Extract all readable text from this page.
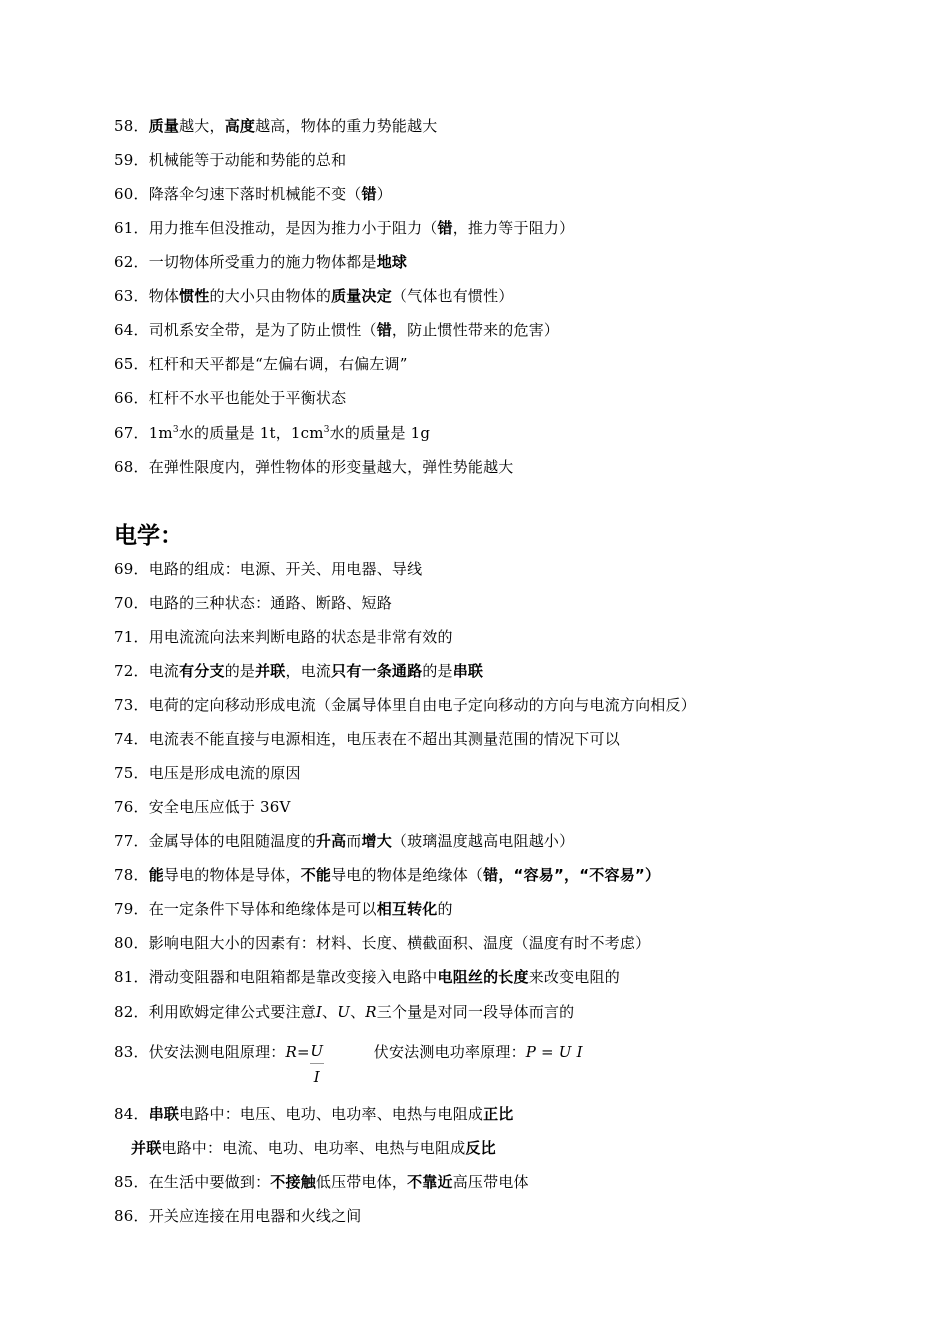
58．质量越大，高度越高，物体的重力势能越大
59．机械能等于动能和势能的总和
60．降落伞匀速下落时机械能不变（错）
61．用力推车但没推动，是因为推力小于阻力（错，推力等于阻力）
62．一切物体所受重力的施力物体都是地球
63．物体惯性的大小只由物体的质量决定（气体也有惯性）
64．司机系安全带，是为了防止惯性（错，防止惯性带来的危害）
65．杠杆和天平都是“左偏右调，右偏左调”
66．杠杆不水平也能处于平衡状态
67．$1m^3$水的质量是 1t，$1cm^3$水的质量是 1g
68．在弹性限度内，弹性物体的形变量越大，弹性势能越大
电学：
69．电路的组成：电源、开关、用电器、导线
70．电路的三种状态：通路、断路、短路
71．用电流流向法来判断电路的状态是非常有效的
72．电流有分支的是并联，电流只有一条通路的是串联
73．电荷的定向移动形成电流（金属导体里自由电子定向移动的方向与电流方向相反）
74．电流表不能直接与电源相连，电压表在不超出其测量范围的情况下可以
75．电压是形成电流的原因
76．安全电压应低于 36V
77．金属导体的电阻随温度的升高而增大（玻璃温度越高电阻越小）
78．能导电的物体是导体，不能导电的物体是绝缘体（错，“容易”，“不容易”）
79．在一定条件下导体和绝缘体是可以相互转化的
80．影响电阻大小的因素有：材料、长度、横截面积、温度（温度有时不考虑）
81．滑动变阻器和电阻箱都是靠改变接入电路中电阻丝的长度来改变电阻的
82．利用欧姆定律公式要注意I、U、R三个量是对同一段导体而言的
83．伏安法测电阻原理：$R= \frac{U}{I}$	伏安法测电功率原理：P = U I
84．串联电路中：电压、电功、电功率、电热与电阻成正比
并联电路中：电流、电功、电功率、电热与电阻成反比
85．在生活中要做到：不接触低压带电体，不靠近高压带电体
86．开关应连接在用电器和火线之间
